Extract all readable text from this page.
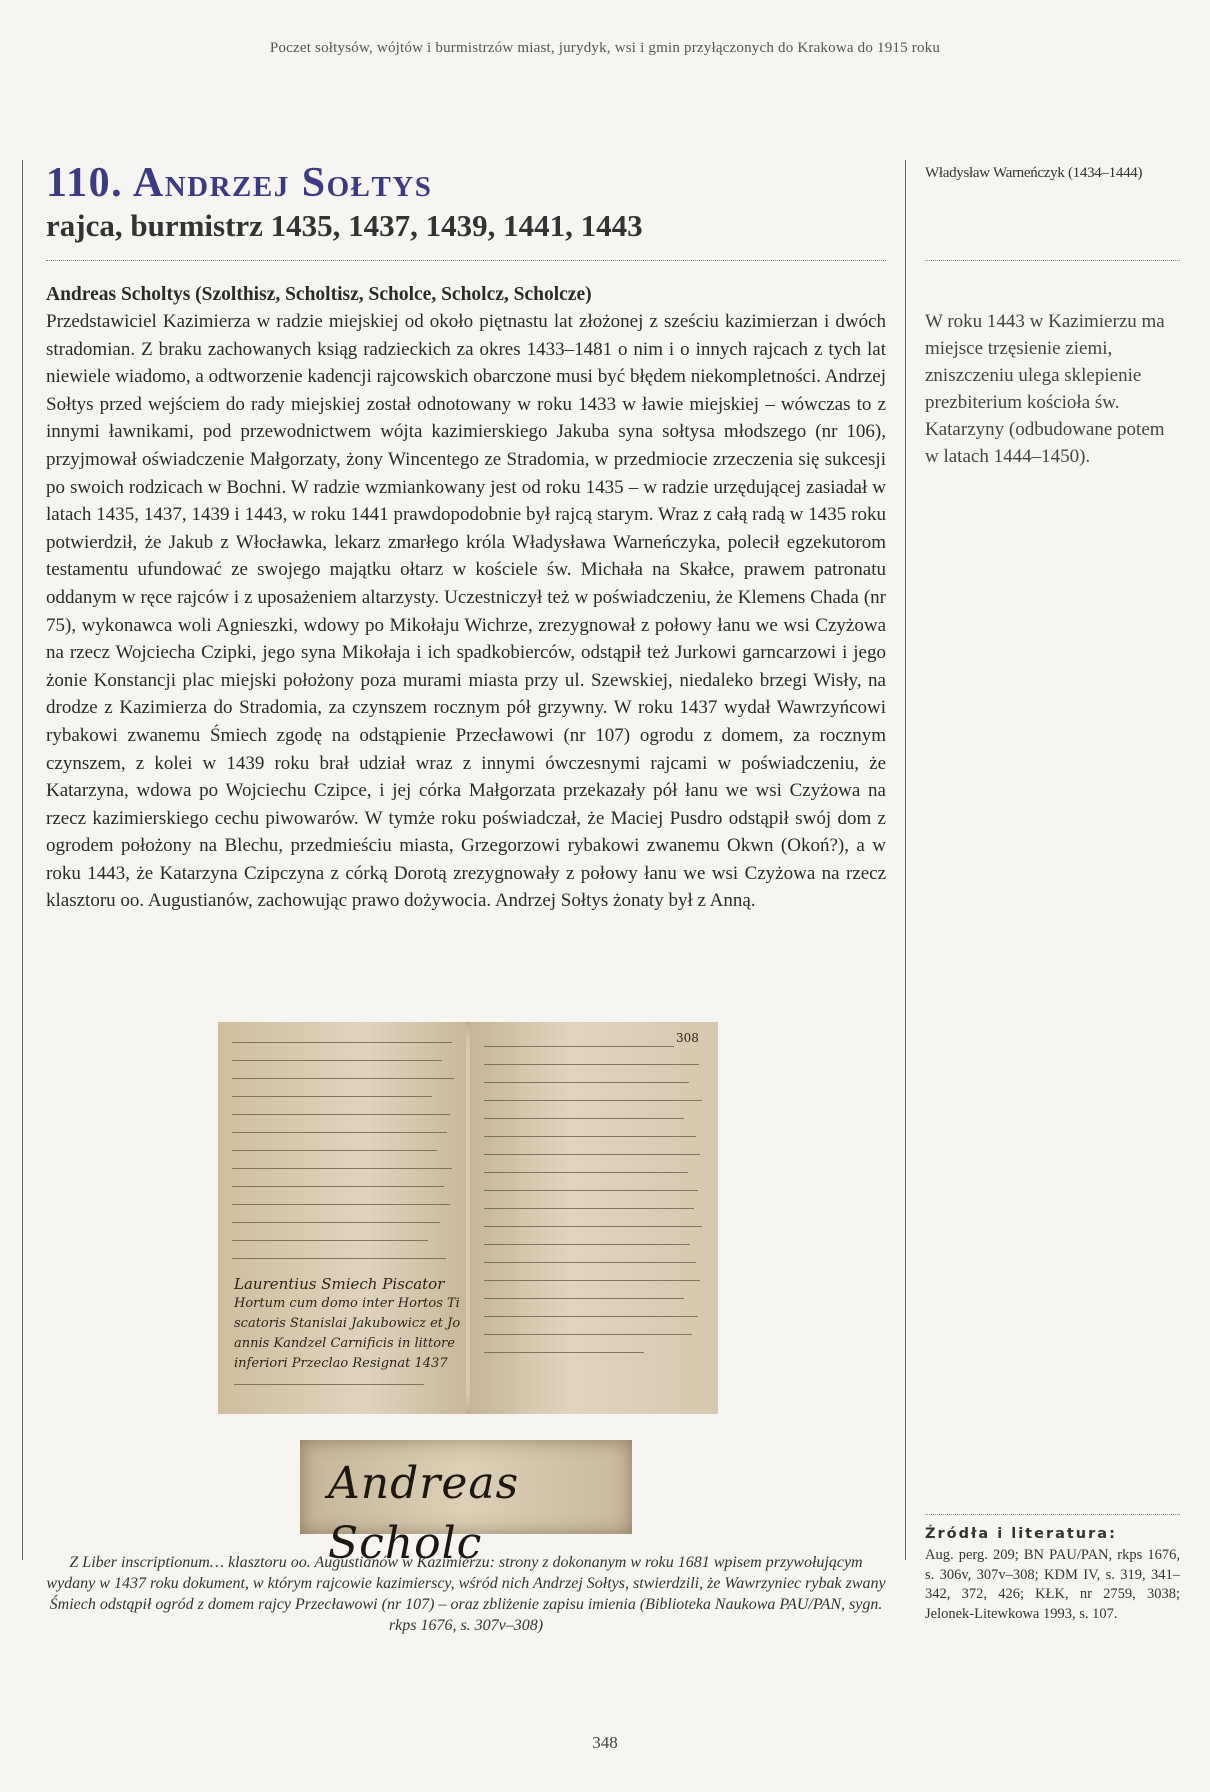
Poczet sołtysów, wójtów i burmistrzów miast, jurydyk, wsi i gmin przyłączonych do Krakowa do 1915 roku
110. Andrzej Sołtys
rajca, burmistrz 1435, 1437, 1439, 1441, 1443

Andreas Scholtys (Szolthisz, Scholtisz, Scholce, Scholcz, Scholcze)

Przedstawiciel Kazimierza w radzie miejskiej od około piętnastu lat złożonej z sześciu kazimierzan i dwóch stradomian. Z braku zachowanych ksiąg radzieckich za okres 1433–1481 o nim i o innych rajcach z tych lat niewiele wiadomo, a odtworzenie kadencji rajcowskich obarczone musi być błędem niekompletności. Andrzej Sołtys przed wejściem do rady miejskiej został odnotowany w roku 1433 w ławie miejskiej – wówczas to z innymi ławnikami, pod przewodnictwem wójta kazimierskiego Jakuba syna sołtysa młodszego (nr 106), przyjmował oświadczenie Małgorzaty, żony Wincentego ze Stradomia, w przedmiocie zrzeczenia się sukcesji po swoich rodzicach w Bochni. W radzie wzmiankowany jest od roku 1435 – w radzie urzędującej zasiadał w latach 1435, 1437, 1439 i 1443, w roku 1441 prawdopodobnie był rajcą starym. Wraz z całą radą w 1435 roku potwierdził, że Jakub z Włocławka, lekarz zmarłego króla Władysława Warneńczyka, polecił egzekutorom testamentu ufundować ze swojego majątku ołtarz w kościele św. Michała na Skałce, prawem patronatu oddanym w ręce rajców i z uposażeniem altarzysty. Uczestniczył też w poświadczeniu, że Klemens Chada (nr 75), wykonawca woli Agnieszki, wdowy po Mikołaju Wichrze, zrezygnował z połowy łanu we wsi Czyżowa na rzecz Wojciecha Czipki, jego syna Mikołaja i ich spadkobierców, odstąpił też Jurkowi garncarzowi i jego żonie Konstancji plac miejski położony poza murami miasta przy ul. Szewskiej, niedaleko brzegi Wisły, na drodze z Kazimierza do Stradomia, za czynszem rocznym pół grzywny. W roku 1437 wydał Wawrzyńcowi rybakowi zwanemu Śmiech zgodę na odstąpienie Przecławowi (nr 107) ogrodu z domem, za rocznym czynszem, z kolei w 1439 roku brał udział wraz z innymi ówczesnymi rajcami w poświadczeniu, że Katarzyna, wdowa po Wojciechu Czipce, i jej córka Małgorzata przekazały pół łanu we wsi Czyżowa na rzecz kazimierskiego cechu piwowarów. W tymże roku poświadczał, że Maciej Pusdro odstąpił swój dom z ogrodem położony na Blechu, przedmieściu miasta, Grzegorzowi rybakowi zwanemu Okwn (Okoń?), a w roku 1443, że Katarzyna Czipczyna z córką Dorotą zrezygnowały z połowy łanu we wsi Czyżowa na rzecz klasztoru oo. Augustianów, zachowując prawo dożywocia. Andrzej Sołtys żonaty był z Anną.

Władysław Warneńczyk (1434–1444)
W roku 1443 w Kazimierzu ma miejsce trzęsienie ziemi, zniszczeniu ulega sklepienie prezbiterium kościoła św. Katarzyny (odbudowane potem w latach 1444–1450).
Laurentius Smiech Piscator
Hortum cum domo inter Hortos Ti
scatoris Stanislai Jakubowicz et Jo
annis Kandzel Carnificis in littore
inferiori Przeclao Resignat 1437
308
Andreas Scholc
Z Liber inscriptionum… klasztoru oo. Augustianów w Kazimierzu: strony z dokonanym w roku 1681 wpisem przywołującym wydany w 1437 roku dokument, w którym rajcowie kazimierscy, wśród nich Andrzej Sołtys, stwierdzili, że Wawrzyniec rybak zwany Śmiech odstąpił ogród z domem rajcy Przecławowi (nr 107) – oraz zbliżenie zapisu imienia (Biblioteka Naukowa PAU/PAN, sygn. rkps 1676, s. 307v–308)
Źródła i literatura:
Aug. perg. 209; BN PAU/PAN, rkps 1676, s. 306v, 307v–308; KDM IV, s. 319, 341–342, 372, 426; KŁK, nr 2759, 3038; Jelonek-Litewkowa 1993, s. 107.
348
